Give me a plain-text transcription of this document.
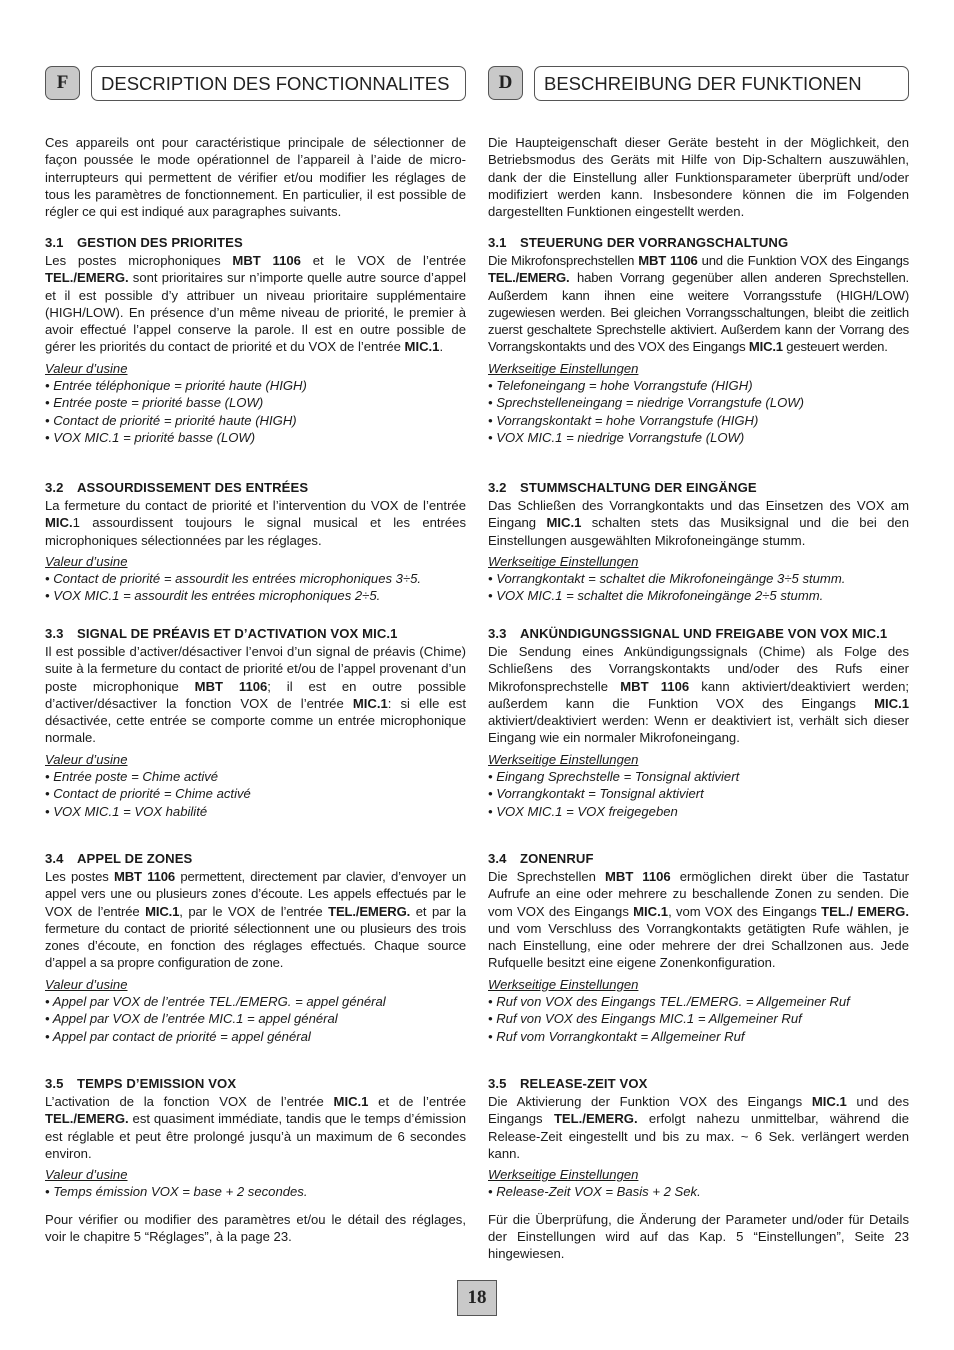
F	DESCRIPTION DES FONCTIONNALITES

Ces appareils ont pour caractéristique principale de sélectionner de façon poussée le mode opérationnel de l’appareil à l’aide de micro-interrupteurs qui permettent de vérifier et/ou modifier les réglages de tous les paramètres de fonctionnement. En particulier, il est possible de régler ce qui est indiqué aux paragraphes suivants.

3.1 GESTION DES PRIORITES

Les postes microphoniques MBT 1106 et le VOX de l’entrée TEL./EMERG. sont prioritaires sur n’importe quelle autre source d’appel et il est possible d’y attribuer un niveau prioritaire supplémentaire (HIGH/LOW). En présence d’un même niveau de priorité, le premier à avoir effectué l’appel conserve la parole. Il est en outre possible de gérer les priorités du contact de priorité et du VOX de l’entrée MIC.1.

Valeur d’usine
• Entrée téléphonique = priorité haute (HIGH)
• Entrée poste = priorité basse (LOW)
• Contact de priorité = priorité haute (HIGH)
• VOX MIC.1 = priorité basse (LOW)
3.2 ASSOURDISSEMENT DES ENTRÉES

La fermeture du contact de priorité et l’intervention du VOX de l’entrée MIC.1 assourdissent toujours le signal musical et les entrées microphoniques sélectionnées par les réglages.

Valeur d’usine
• Contact de priorité = assourdit les entrées microphoniques 3÷5.
• VOX MIC.1 = assourdit les entrées microphoniques 2÷5.
3.3 SIGNAL DE PRÉAVIS ET D’ACTIVATION VOX MIC.1

Il est possible d’activer/désactiver l’envoi d’un signal de préavis (Chime) suite à la fermeture du contact de priorité et/ou de l’appel provenant d’un poste microphonique MBT 1106; il est en outre possible d’activer/désactiver la fonction VOX de l’entrée MIC.1: si elle est désactivée, cette entrée se comporte comme un entrée microphonique normale.

Valeur d’usine
• Entrée poste = Chime activé
• Contact de priorité = Chime activé
• VOX MIC.1 = VOX habilité
3.4 APPEL DE ZONES

Les postes MBT 1106 permettent, directement par clavier, d’envoyer un appel vers une ou plusieurs zones d’écoute. Les appels effectués par le VOX de l’entrée MIC.1, par le VOX de l’entrée TEL./EMERG. et par la fermeture du contact de priorité sélectionnent une ou plusieurs des trois zones d’écoute, en fonction des réglages effectués. Chaque source d’appel a sa propre configuration de zone.

Valeur d’usine
• Appel par VOX de l’entrée TEL./EMERG. = appel général
• Appel par VOX de l’entrée MIC.1 = appel général
• Appel par contact de priorité = appel général
3.5 TEMPS D’EMISSION VOX

L’activation de la fonction VOX de l’entrée MIC.1 et de l’entrée TEL./EMERG. est quasiment immédiate, tandis que le temps d’émission est réglable et peut être prolongé jusqu’à un maximum de 6 secondes environ.

Valeur d’usine
• Temps émission VOX = base + 2 secondes.

Pour vérifier ou modifier des paramètres et/ou le détail des réglages, voir le chapitre 5 “Réglages”, à la page 23.

D	BESCHREIBUNG DER FUNKTIONEN

Die Haupteigenschaft dieser Geräte besteht in der Möglichkeit, den Betriebsmodus des Geräts mit Hilfe von Dip-Schaltern auszuwählen, dank der die Einstellung aller Funktionsparameter überprüft und/oder modifiziert werden kann. Insbesondere können die im Folgenden dargestellten Funktionen eingestellt werden.

3.1 STEUERUNG DER VORRANGSCHALTUNG

Die Mikrofonsprechstellen MBT 1106 und die Funktion VOX des Eingangs TEL./EMERG. haben Vorrang gegenüber allen anderen Sprechstellen. Außerdem kann ihnen eine weitere Vorrangsstufe (HIGH/LOW) zugewiesen werden. Bei gleichen Vorrangsschaltungen, bleibt die zeitlich zuerst geschaltete Sprechstelle aktiviert. Außerdem kann der Vorrang des Vorrangskontakts und des VOX des Eingangs MIC.1 gesteuert werden.

Werkseitige Einstellungen
• Telefoneingang = hohe Vorrangstufe (HIGH)
• Sprechstelleneingang = niedrige Vorrangstufe (LOW)
• Vorrangskontakt = hohe Vorrangstufe (HIGH)
• VOX MIC.1 = niedrige Vorrangstufe (LOW)
3.2 STUMMSCHALTUNG DER EINGÄNGE

Das Schließen des Vorrangkontakts und das Einsetzen des VOX am Eingang MIC.1 schalten stets das Musiksignal und die bei den Einstellungen ausgewählten Mikrofoneingänge stumm.

Werkseitige Einstellungen
• Vorrangkontakt = schaltet die Mikrofoneingänge 3÷5 stumm.
• VOX MIC.1 = schaltet die Mikrofoneingänge 2÷5 stumm.
3.3 ANKÜNDIGUNGSSIGNAL UND FREIGABE VON VOX MIC.1

Die Sendung eines Ankündigungssignals (Chime) als Folge des Schließens des Vorrangskontakts und/oder des Rufs einer Mikrofonsprechstelle MBT 1106 kann aktiviert/deaktiviert werden; außerdem kann die Funktion VOX des Eingangs MIC.1 aktiviert/deaktiviert werden: Wenn er deaktiviert ist, verhält sich dieser Eingang wie ein normaler Mikrofoneingang.

Werkseitige Einstellungen
• Eingang Sprechstelle = Tonsignal aktiviert
• Vorrangkontakt = Tonsignal aktiviert
• VOX MIC.1 = VOX freigegeben
3.4 ZONENRUF

Die Sprechstellen MBT 1106 ermöglichen direkt über die Tastatur Aufrufe an eine oder mehrere zu beschallende Zonen zu senden. Die vom VOX des Eingangs MIC.1, vom VOX des Eingangs TEL./ EMERG. und vom Verschluss des Vorrangkontakts getätigten Rufe wählen, je nach Einstellung, eine oder mehrere der drei Schallzonen aus. Jede Rufquelle besitzt eine eigene Zonenkonfiguration.

Werkseitige Einstellungen
• Ruf von VOX des Eingangs TEL./EMERG. = Allgemeiner Ruf
• Ruf von VOX des Eingangs MIC.1 = Allgemeiner Ruf
• Ruf vom Vorrangkontakt = Allgemeiner Ruf
3.5 RELEASE-ZEIT VOX

Die Aktivierung der Funktion VOX des Eingangs MIC.1 und des Eingangs TEL./EMERG. erfolgt nahezu unmittelbar, während die Release-Zeit eingestellt und bis zu max. ~ 6 Sek. verlängert werden kann.

Werkseitige Einstellungen
• Release-Zeit VOX = Basis + 2 Sek.

Für die Überprüfung, die Änderung der Parameter und/oder für Details der Einstellungen wird auf das Kap. 5 “Einstellungen”, Seite 23 hingewiesen.

18
